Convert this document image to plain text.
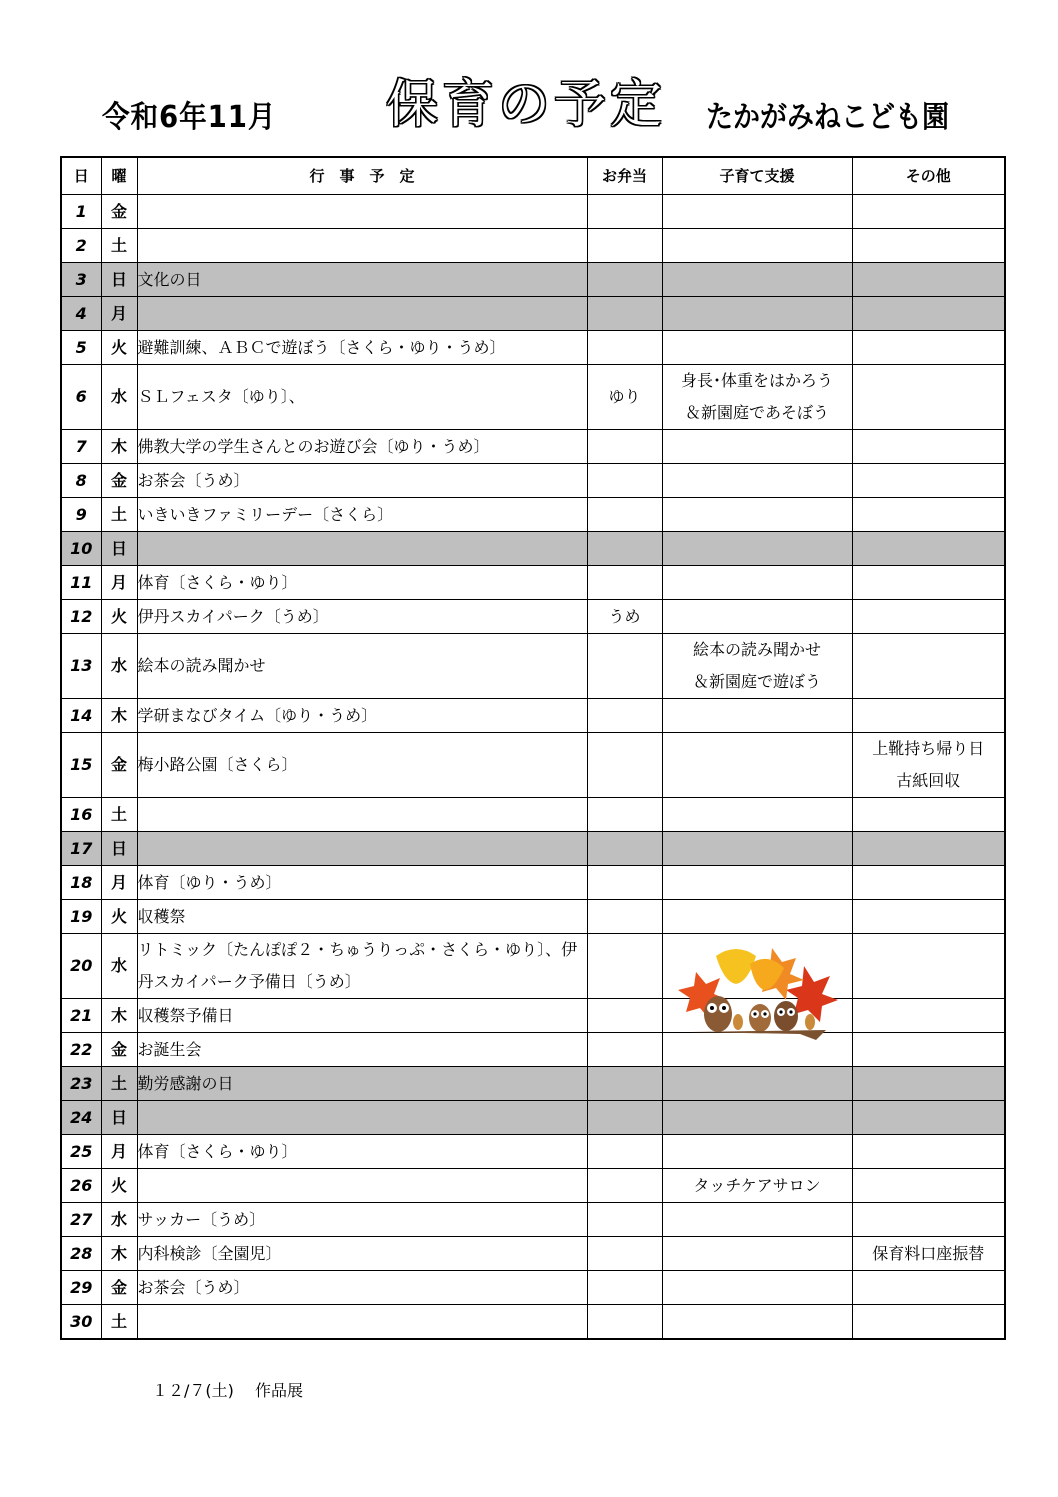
令和6年11月 保育の予定 たかがみねこども園
日	曜	行　事　予　定	お弁当	子育て支援	その他
1	金				
2	土				
3	日	文化の日			
4	月				
5	火	避難訓練、ＡＢＣで遊ぼう〔さくら・ゆり・うめ〕			
6	水	ＳＬフェスタ〔ゆり〕、	ゆり	身長･体重をはかろう
＆新園庭であそぼう	
7	木	佛教大学の学生さんとのお遊び会〔ゆり・うめ〕			
8	金	お茶会〔うめ〕			
9	土	いきいきファミリーデー〔さくら〕			
10	日				
11	月	体育〔さくら・ゆり〕			
12	火	伊丹スカイパーク〔うめ〕	うめ		
13	水	絵本の読み聞かせ		絵本の読み聞かせ
＆新園庭で遊ぼう	
14	木	学研まなびタイム〔ゆり・うめ〕			
15	金	梅小路公園〔さくら〕			上靴持ち帰り日
古紙回収
16	土				
17	日				
18	月	体育〔ゆり・うめ〕			
19	火	収穫祭			
20	水	リトミック〔たんぽぽ２・ちゅうりっぷ・さくら・ゆり〕、伊丹スカイパーク予備日〔うめ〕			
21	木	収穫祭予備日			
22	金	お誕生会			
23	土	勤労感謝の日			
24	日				
25	月	体育〔さくら・ゆり〕			
26	火			タッチケアサロン	
27	水	サッカー〔うめ〕			
28	木	内科検診〔全園児〕			保育料口座振替
29	金	お茶会〔うめ〕			
30	土				
１２/７(土)　 作品展
